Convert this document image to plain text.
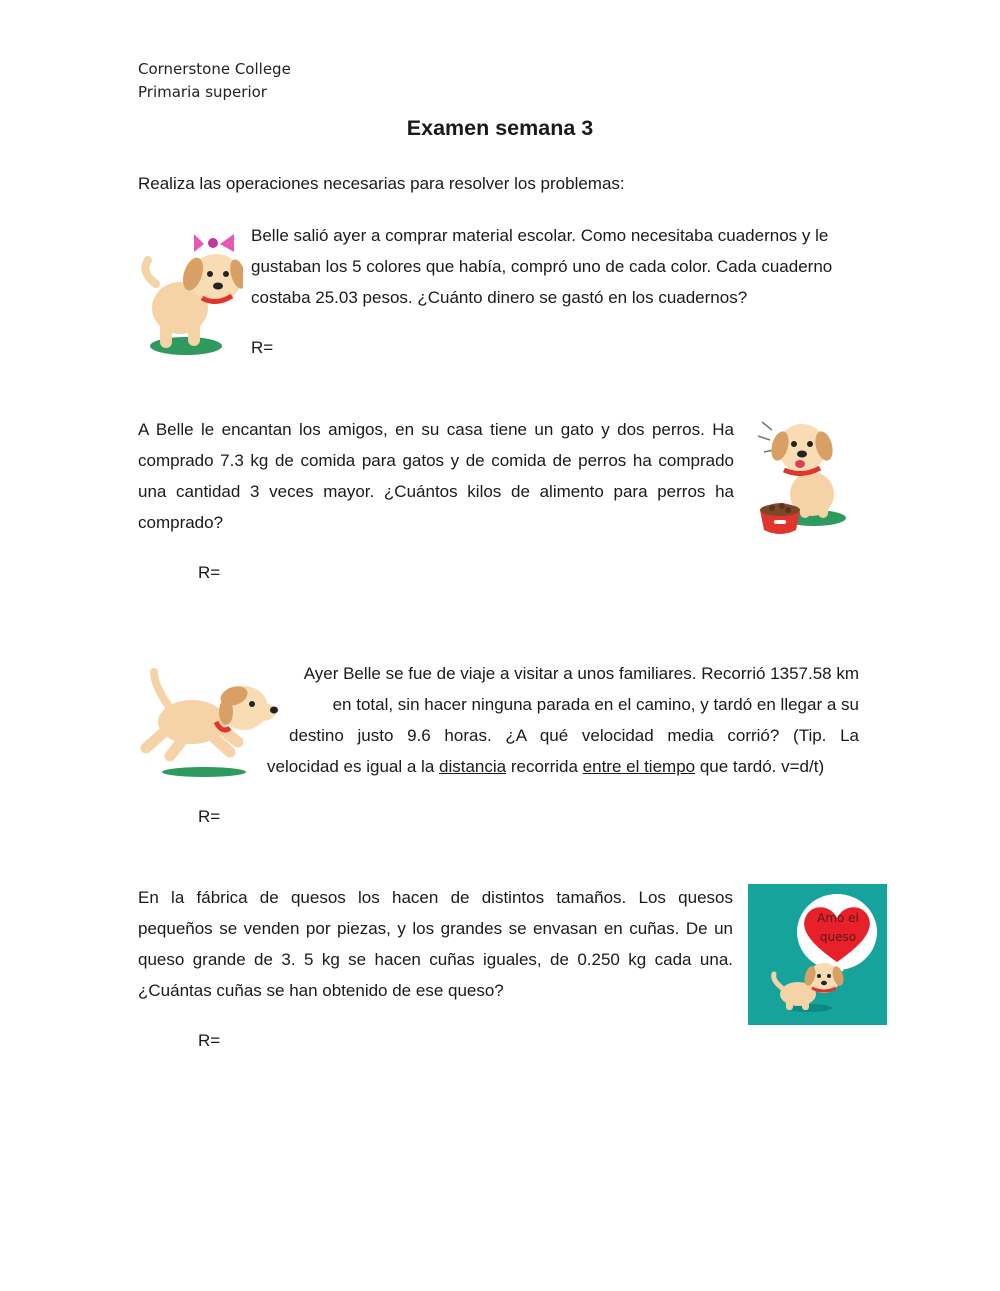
Cornerstone College
Primaria superior
Examen semana 3
Realiza las operaciones necesarias para resolver los problemas:
Belle salió ayer a comprar material escolar. Como necesitaba cuadernos y le
gustaban los 5 colores que había, compró uno de cada color. Cada cuaderno
costaba 25.03 pesos. ¿Cuánto dinero se gastó en los cuadernos?
R=
A Belle le encantan los amigos, en su casa tiene un gato y dos perros. Ha
comprado 7.3 kg de comida para gatos y de comida de perros ha comprado
una cantidad 3 veces mayor. ¿Cuántos kilos de alimento para perros ha
comprado?
R=
Ayer Belle se fue de viaje a visitar a unos familiares. Recorrió 1357.58 km
en total, sin hacer ninguna parada en el camino, y tardó en llegar a su
destino justo 9.6 horas. ¿A qué velocidad media corrió? (Tip. La
velocidad es igual a la distancia recorrida entre el tiempo que tardó. v=d/t)
R=
En la fábrica de quesos los hacen de distintos tamaños. Los quesos
pequeños se venden por piezas, y los grandes se envasan en cuñas. De un
queso grande de 3. 5 kg se hacen cuñas iguales, de 0.250 kg cada una.
¿Cuántas cuñas se han obtenido de ese queso?
Amo el
queso
R=
